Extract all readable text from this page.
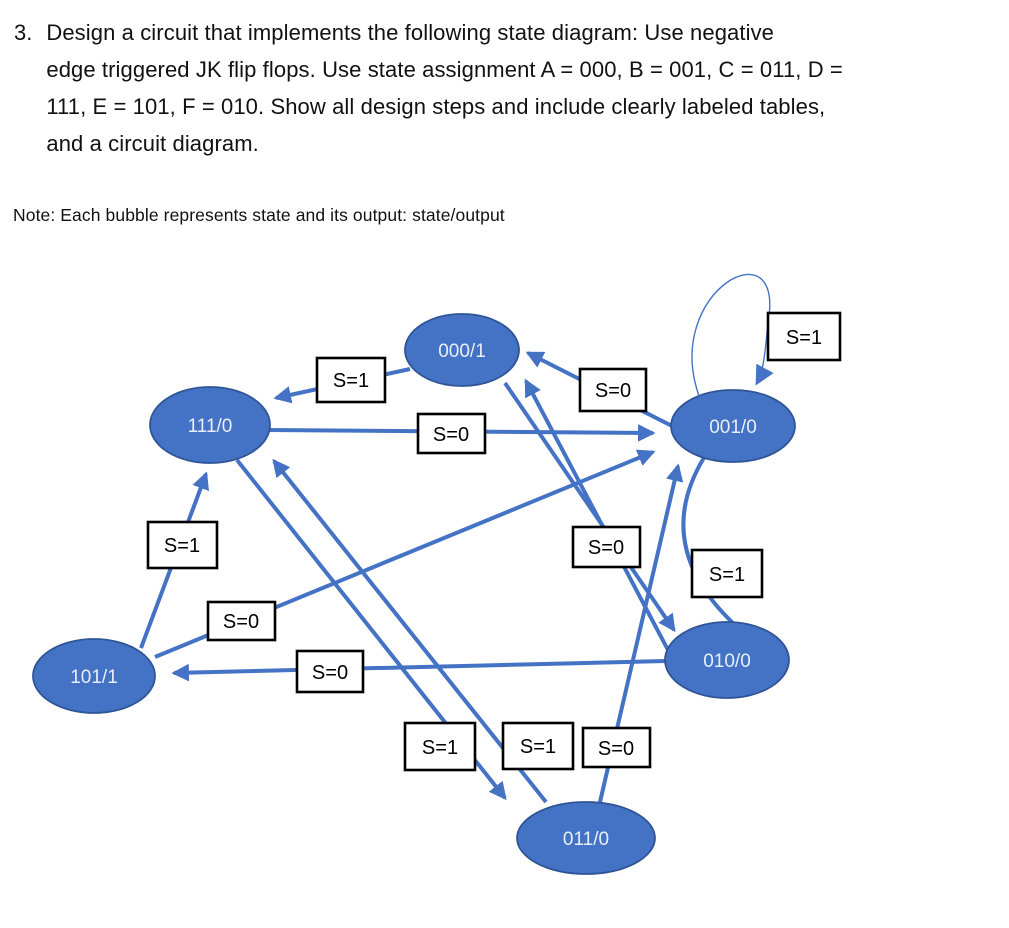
3. Design a circuit that implements the following state diagram: Use negative
edge triggered JK flip flops. Use state assignment A = 000, B = 001, C = 011, D =
111, E = 101, F = 010. Show all design steps and include clearly labeled tables,
and a circuit diagram.
Note: Each bubble represents state and its output: state/output
000/1
001/0
111/0
101/1
010/0
011/0
S=1
S=0
S=1
S=0
S=0
S=1
S=1
S=0
S=0
S=1	S=1 S=0
